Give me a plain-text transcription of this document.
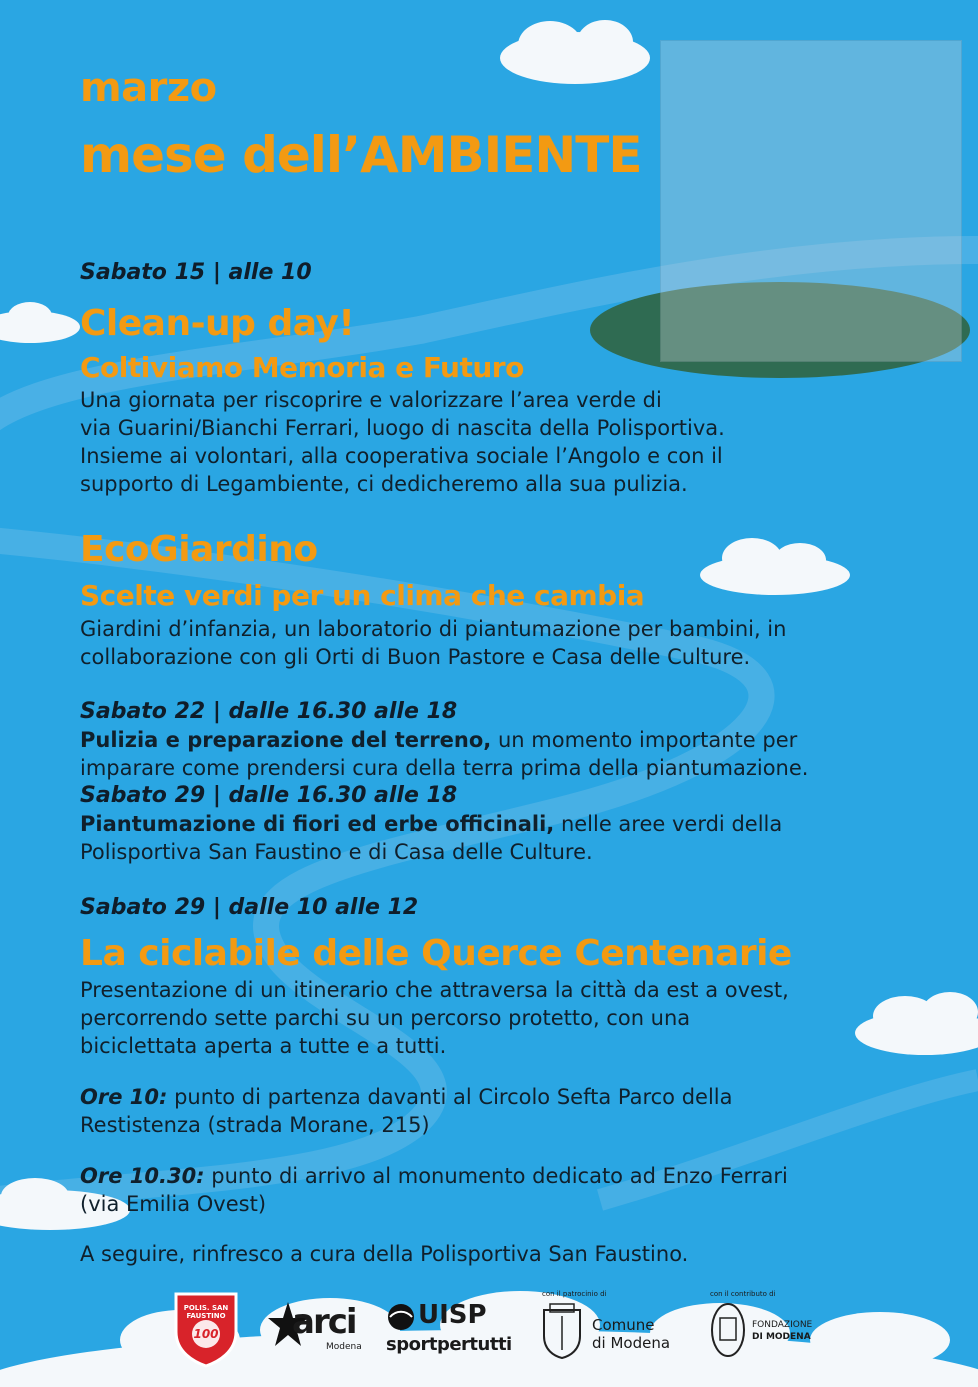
marzo
mese dell’AMBIENTE
Sabato 15 | alle 10
Clean-up day!
Coltiviamo Memoria e Futuro
Una giornata per riscoprire e valorizzare l’area verde di
via Guarini/Bianchi Ferrari, luogo di nascita della Polisportiva.
Insieme ai volontari, alla cooperativa sociale l’Angolo e con il
supporto di Legambiente, ci dedicheremo alla sua pulizia.
EcoGiardino
Scelte verdi per un clima che cambia
Giardini d’infanzia, un laboratorio di piantumazione per bambini, in
collaborazione con gli Orti di Buon Pastore e Casa delle Culture.
Sabato 22 | dalle 16.30 alle 18
Pulizia e preparazione del terreno, un momento importante per
imparare come prendersi cura della terra prima della piantumazione.
Sabato 29 | dalle 16.30 alle 18
Piantumazione di fiori ed erbe officinali, nelle aree verdi della
Polisportiva San Faustino e di Casa delle Culture.
Sabato 29 | dalle 10 alle 12
La ciclabile delle Querce Centenarie
Presentazione di un itinerario che attraversa la città da est a ovest,
percorrendo sette parchi su un percorso protetto, con una
biciclettata aperta a tutte e a tutti.
Ore 10: punto di partenza davanti al Circolo Sefta Parco della
Restistenza (strada Morane, 215)
Ore 10.30: punto di arrivo al monumento dedicato ad Enzo Ferrari
(via Emilia Ovest)
A seguire, rinfresco a cura della Polisportiva San Faustino.
POLIS. SAN FAUSTINO
100	arci
Modena
UISP
sportpertutti
con il patrocinio di
Comune
di Modena
con il contributo di
FONDAZIONE
DI MODENA
